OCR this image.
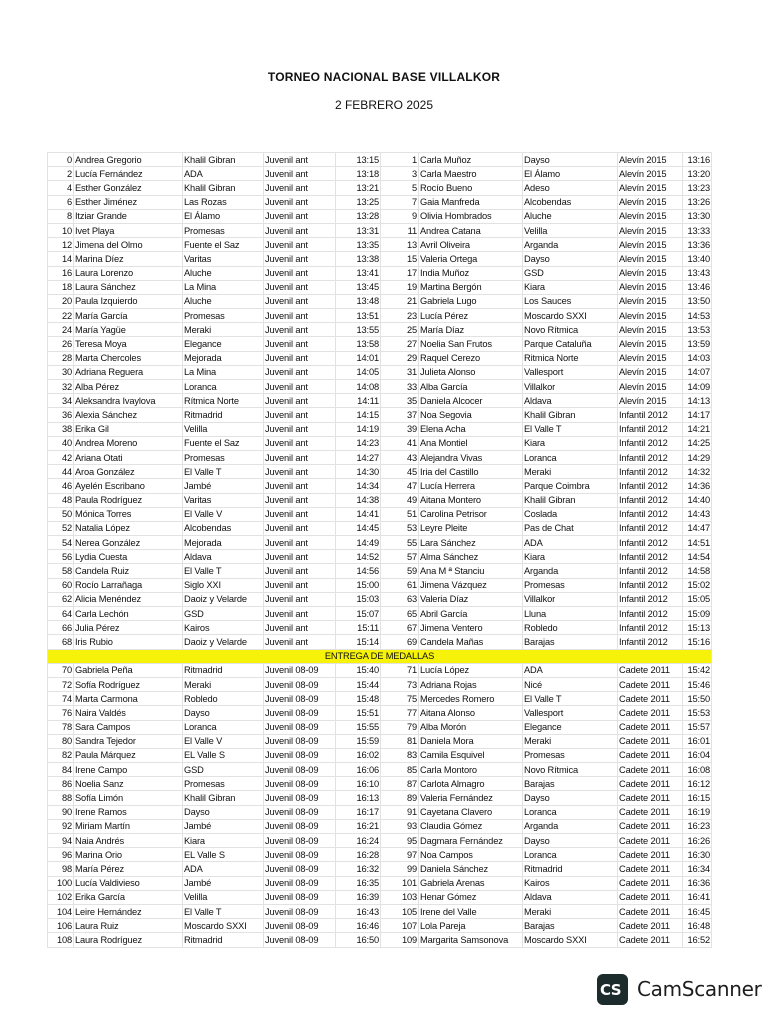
TORNEO NACIONAL BASE VILLALKOR
2 FEBRERO 2025
0	Andrea Gregorio	Khalil Gibran	Juvenil ant	13:15	1	Carla Muñoz	Dayso	Alevín 2015	13:16
2	Lucía Fernández	ADA	Juvenil ant	13:18	3	Carla Maestro	El Álamo	Alevín 2015	13:20
4	Esther González	Khalil Gibran	Juvenil ant	13:21	5	Rocío Bueno	Adeso	Alevín 2015	13:23
6	Esther Jiménez	Las Rozas	Juvenil ant	13:25	7	Gaia Manfreda	Alcobendas	Alevín 2015	13:26
8	Itziar Grande	El Álamo	Juvenil ant	13:28	9	Olivia Hombrados	Aluche	Alevín 2015	13:30
10	Ivet Playa	Promesas	Juvenil ant	13:31	11	Andrea Catana	Velilla	Alevín 2015	13:33
12	Jimena del Olmo	Fuente el Saz	Juvenil ant	13:35	13	Avril Oliveira	Arganda	Alevín 2015	13:36
14	Marina Díez	Varitas	Juvenil ant	13:38	15	Valeria Ortega	Dayso	Alevín 2015	13:40
16	Laura Lorenzo	Aluche	Juvenil ant	13:41	17	India Muñoz	GSD	Alevín 2015	13:43
18	Laura Sánchez	La Mina	Juvenil ant	13:45	19	Martina Bergón	Kiara	Alevín 2015	13:46
20	Paula Izquierdo	Aluche	Juvenil ant	13:48	21	Gabriela Lugo	Los Sauces	Alevín 2015	13:50
22	María García	Promesas	Juvenil ant	13:51	23	Lucía Pérez	Moscardo SXXI	Alevín 2015	14:53
24	María Yagüe	Meraki	Juvenil ant	13:55	25	María Díaz	Novo Rítmica	Alevín 2015	13:53
26	Teresa Moya	Elegance	Juvenil ant	13:58	27	Noelia San Frutos	Parque Cataluña	Alevín 2015	13:59
28	Marta Chercoles	Mejorada	Juvenil ant	14:01	29	Raquel Cerezo	Ritmica Norte	Alevín 2015	14:03
30	Adriana Reguera	La Mina	Juvenil ant	14:05	31	Julieta Alonso	Vallesport	Alevín 2015	14:07
32	Alba Pérez	Loranca	Juvenil ant	14:08	33	Alba García	Villalkor	Alevín 2015	14:09
34	Aleksandra Ivaylova	Rítmica Norte	Juvenil ant	14:11	35	Daniela Alcocer	Aldava	Alevín 2015	14:13
36	Alexia Sánchez	Ritmadrid	Juvenil ant	14:15	37	Noa Segovia	Khalil Gibran	Infantil 2012	14:17
38	Erika Gil	Velilla	Juvenil ant	14:19	39	Elena Acha	El Valle T	Infantil 2012	14:21
40	Andrea Moreno	Fuente el Saz	Juvenil ant	14:23	41	Ana Montiel	Kiara	Infantil 2012	14:25
42	Ariana Otati	Promesas	Juvenil ant	14:27	43	Alejandra Vivas	Loranca	Infantil 2012	14:29
44	Aroa González	El Valle T	Juvenil ant	14:30	45	Iria del Castillo	Meraki	Infantil 2012	14:32
46	Ayelén Escribano	Jambé	Juvenil ant	14:34	47	Lucía Herrera	Parque Coimbra	Infantil 2012	14:36
48	Paula Rodríguez	Varitas	Juvenil ant	14:38	49	Aitana Montero	Khalil Gibran	Infantil 2012	14:40
50	Mónica Torres	El Valle V	Juvenil ant	14:41	51	Carolina Petrisor	Coslada	Infantil 2012	14:43
52	Natalia López	Alcobendas	Juvenil ant	14:45	53	Leyre Pleite	Pas de Chat	Infantil 2012	14:47
54	Nerea González	Mejorada	Juvenil ant	14:49	55	Lara Sánchez	ADA	Infantil 2012	14:51
56	Lydia Cuesta	Aldava	Juvenil ant	14:52	57	Alma Sánchez	Kiara	Infantil 2012	14:54
58	Candela Ruiz	El Valle T	Juvenil ant	14:56	59	Ana M ª Stanciu	Arganda	Infantil 2012	14:58
60	Rocío Larrañaga	Siglo XXI	Juvenil ant	15:00	61	Jimena Vázquez	Promesas	Infantil 2012	15:02
62	Alicia Menéndez	Daoiz y Velarde	Juvenil ant	15:03	63	Valeria Díaz	Villalkor	Infantil 2012	15:05
64	Carla Lechón	GSD	Juvenil ant	15:07	65	Abril García	Lluna	Infantil 2012	15:09
66	Julia Pérez	Kairos	Juvenil ant	15:11	67	Jimena Ventero	Robledo	Infantil 2012	15:13
68	Iris Rubio	Daoiz y Velarde	Juvenil ant	15:14	69	Candela Mañas	Barajas	Infantil 2012	15:16
ENTREGA DE MEDALLAS									
70	Gabriela Peña	Ritmadrid	Juvenil 08-09	15:40	71	Lucía López	ADA	Cadete 2011	15:42
72	Sofía Rodríguez	Meraki	Juvenil 08-09	15:44	73	Adriana Rojas	Nicé	Cadete 2011	15:46
74	Marta Carmona	Robledo	Juvenil 08-09	15:48	75	Mercedes Romero	El Valle T	Cadete 2011	15:50
76	Naira Valdés	Dayso	Juvenil 08-09	15:51	77	Aitana Alonso	Vallesport	Cadete 2011	15:53
78	Sara Campos	Loranca	Juvenil 08-09	15:55	79	Alba Morón	Elegance	Cadete 2011	15:57
80	Sandra Tejedor	El Valle V	Juvenil 08-09	15:59	81	Daniela Mora	Meraki	Cadete 2011	16:01
82	Paula Márquez	EL Valle S	Juvenil 08-09	16:02	83	Camila Esquivel	Promesas	Cadete 2011	16:04
84	Irene Campo	GSD	Juvenil 08-09	16:06	85	Carla Montoro	Novo Rítmica	Cadete 2011	16:08
86	Noelia Sanz	Promesas	Juvenil 08-09	16:10	87	Carlota Almagro	Barajas	Cadete 2011	16:12
88	Sofía Limón	Khalil Gibran	Juvenil 08-09	16:13	89	Valeria Fernández	Dayso	Cadete 2011	16:15
90	Irene Ramos	Dayso	Juvenil 08-09	16:17	91	Cayetana Clavero	Loranca	Cadete 2011	16:19
92	Miriam Martín	Jambé	Juvenil 08-09	16:21	93	Claudia Gómez	Arganda	Cadete 2011	16:23
94	Naia Andrés	Kiara	Juvenil 08-09	16:24	95	Dagmara Fernández	Dayso	Cadete 2011	16:26
96	Marina Orio	EL Valle S	Juvenil 08-09	16:28	97	Noa Campos	Loranca	Cadete 2011	16:30
98	María Pérez	ADA	Juvenil 08-09	16:32	99	Daniela Sánchez	Ritmadrid	Cadete 2011	16:34
100	Lucía Valdivieso	Jambé	Juvenil 08-09	16:35	101	Gabriela Arenas	Kairos	Cadete 2011	16:36
102	Erika García	Velilla	Juvenil 08-09	16:39	103	Henar Gómez	Aldava	Cadete 2011	16:41
104	Leire Hernández	El Valle T	Juvenil 08-09	16:43	105	Irene del Valle	Meraki	Cadete 2011	16:45
106	Laura Ruiz	Moscardo SXXI	Juvenil 08-09	16:46	107	Lola Pareja	Barajas	Cadete 2011	16:48
108	Laura Rodríguez	Ritmadrid	Juvenil 08-09	16:50	109	Margarita Samsonova	Moscardo SXXI	Cadete 2011	16:52
CS CamScanner
